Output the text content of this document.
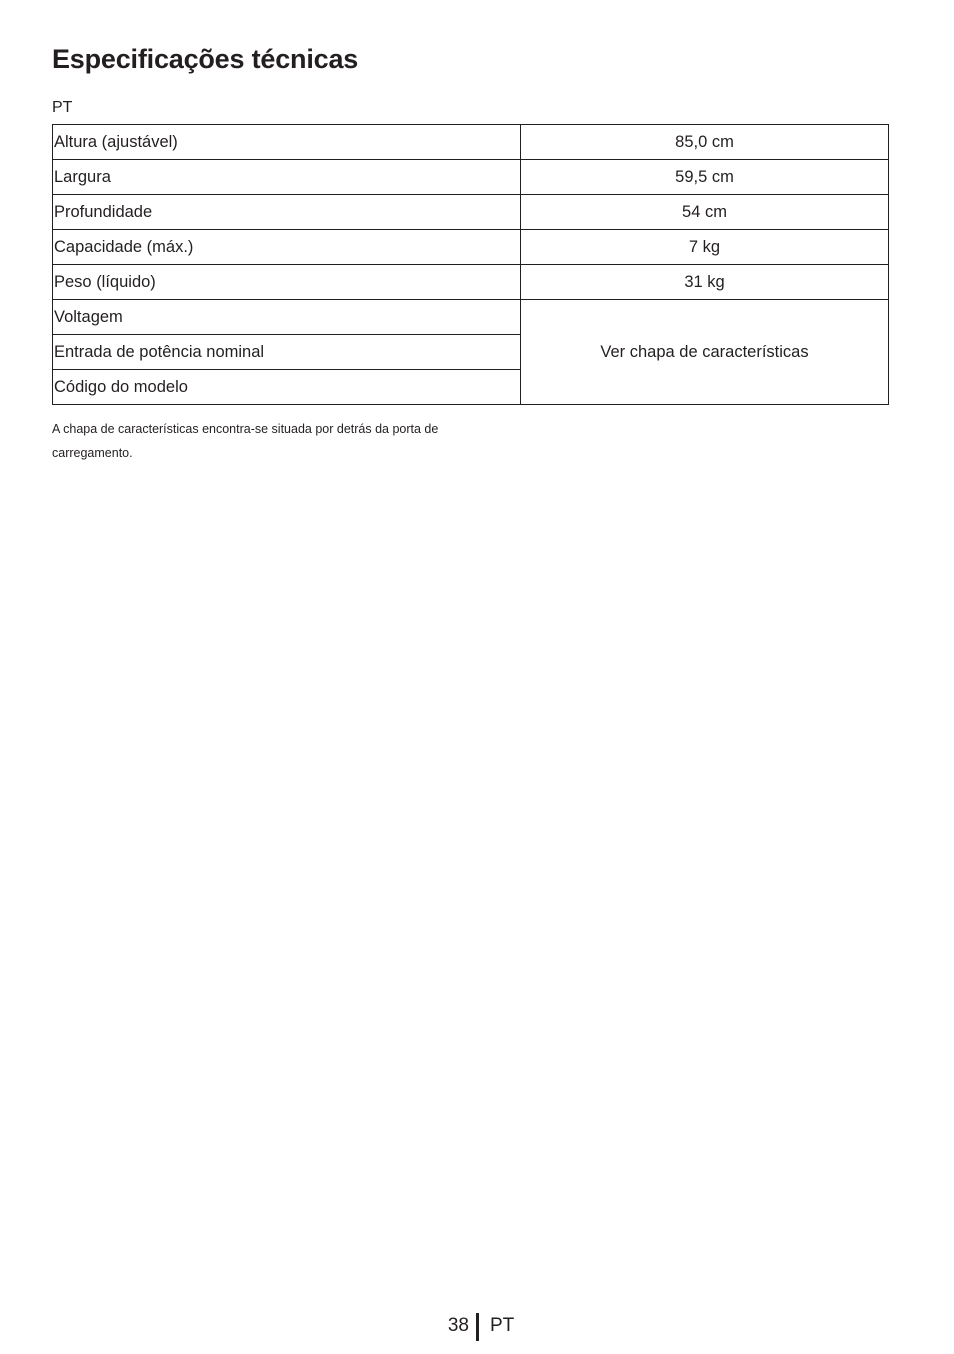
Especificações técnicas
PT
Altura (ajustável)	85,0 cm
Largura	59,5 cm
Profundidade	54 cm
Capacidade (máx.)	7 kg
Peso (líquido)	31 kg
Voltagem	Ver chapa de características
Entrada de potência nominal	
Código do modelo	

A chapa de características encontra-se situada por detrás da porta de carregamento.

38 PT
